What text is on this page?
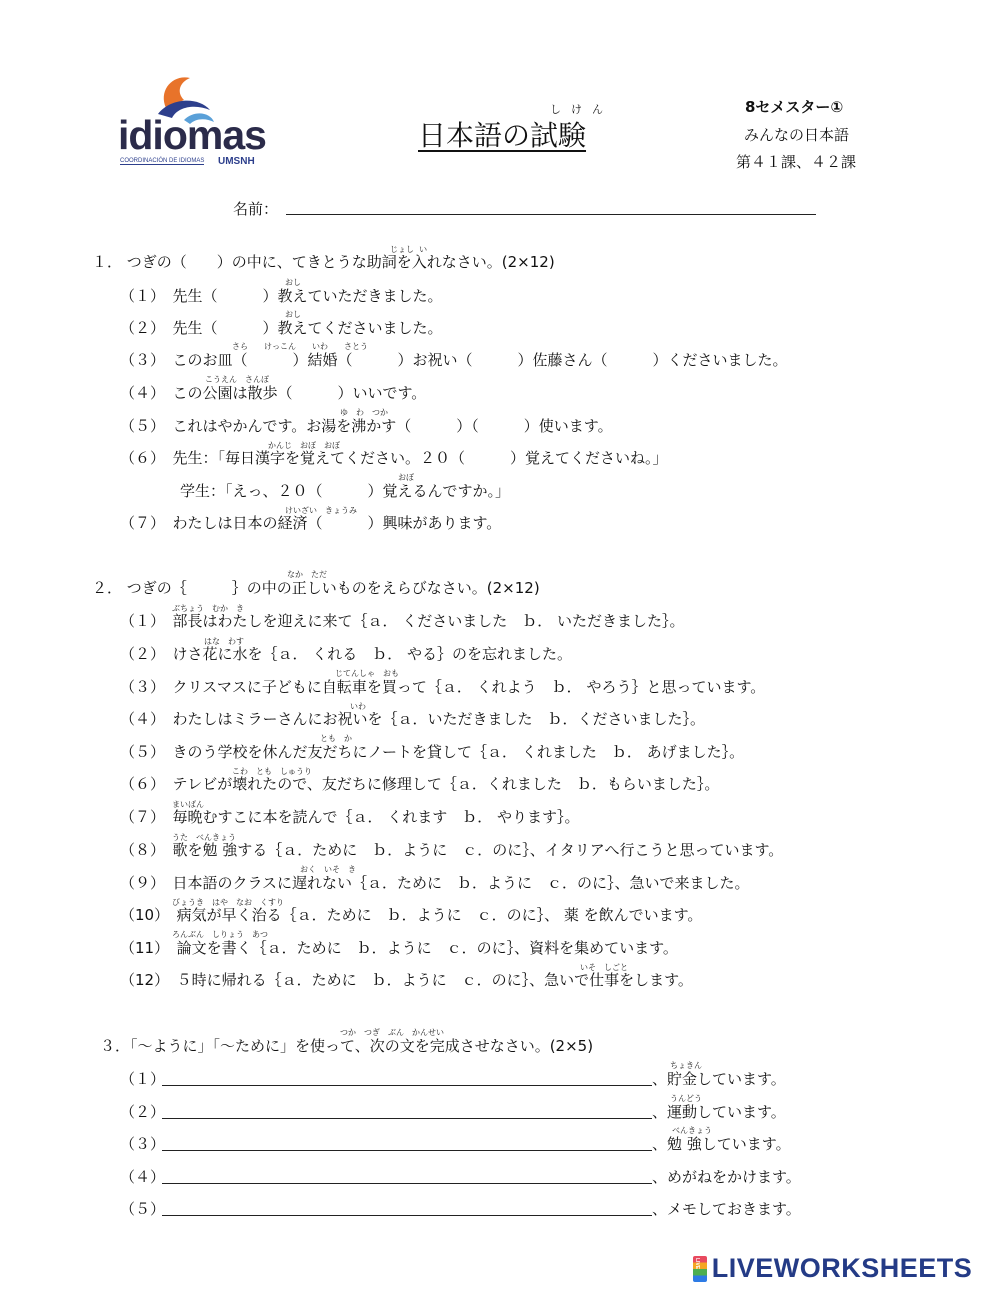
idiomas
COORDINACIÓN DE IDIOMAS UMSNH
しけん
日本語の試験
8セメスター①
みんなの日本語
第４１課、４２課
名前：
じょし い
１． つぎの（　　）の中に、てきとうな助詞を入れなさい。(2×12)
おし
（１）　先生（　　　）教えていただきました。
おし
（２）　先生（　　　）教えてくださいました。
さら　　けっこん　　いわ　　さとう
（３）　このお皿（　　　）結婚（　　　）お祝い（　　　）佐藤さん（　　　）くださいました。
こうえん　さんぽ
（４）　この公園は散歩（　　　）いいです。
ゆ　わ　つか
（５）　これはやかんです。お湯を沸かす（　　　）（　　　）使います。
かんじ　おぼ　おぼ
（６）　先生：「毎日漢字を覚えてください。２０（　　　）覚えてくださいね。」
おぼ
　　　　学生：「えっ、２０（　　　）覚えるんですか。」
けいざい　きょうみ
（７）　わたしは日本の経済（　　　）興味があります。
なか　ただ
２． つぎの｛　　　｝の中の正しいものをえらびなさい。(2×12)
ぶちょう　むか　き
（１）　部長はわたしを迎えに来て｛ａ． くださいました　ｂ． いただきました｝。
はな　わす
（２）　けさ花に水を｛ａ． くれる　ｂ． やる｝のを忘れました。
じてんしゃ　おも
（３）　クリスマスに子どもに自転車を買って｛ａ． くれよう　ｂ． やろう｝と思っています。
いわ
（４）　わたしはミラーさんにお祝いを｛ａ．いただきました　ｂ．くださいました｝。
とも　か
（５）　きのう学校を休んだ友だちにノートを貸して｛ａ． くれました　ｂ． あげました｝。
こわ　とも　しゅうり
（６）　テレビが壊れたので、友だちに修理して｛ａ．くれました　ｂ．もらいました｝。
まいばん
（７）　毎晩むすこに本を読んで｛ａ． くれます　ｂ． やります｝。
うた　べんきょう
（８）　歌を勉 強する｛ａ．ために　ｂ．ように　ｃ．のに｝、イタリアへ行こうと思っています。
おく　いそ　き
（９）　日本語のクラスに遅れない｛ａ．ために　ｂ．ように　ｃ．のに｝、急いで来ました。
びょうき　はや　なお　くすり
（10）　病気が早く治る｛ａ．ために　ｂ．ように　ｃ．のに｝、 薬 を飲んでいます。
ろんぶん　しりょう　あつ
（11）　論文を書く｛ａ．ために　ｂ．ように　ｃ．のに｝、資料を集めています。
いそ　しごと
（12）　５時に帰れる｛ａ．ために　ｂ．ように　ｃ．のに｝、急いで仕事をします。
つか　つぎ　ぶん　かんせい
３．「～ように」「～ために」を使って、次の文を完成させなさい。(2×5)
（１）
ちょきん
、貯金しています。
（２）
うんどう
、運動しています。
（３）
べんきょう
、勉 強しています。
（４）	、めがねをかけます。
（５）	、メモしておきます。
LIVE LIVEWORKSHEETS
